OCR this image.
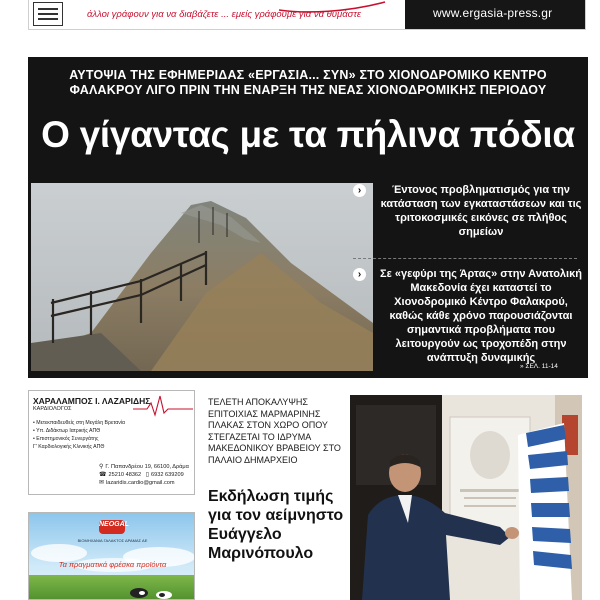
άλλοι γράφουν για να διαβάζετε ... εμείς γράφουμε για να θυμάστε	www.ergasia-press.gr
ΑΥΤΟΨΙΑ ΤΗΣ ΕΦΗΜΕΡΙΔΑΣ «ΕΡΓΑΣΙΑ... ΣΥΝ» ΣΤΟ ΧΙΟΝΟΔΡΟΜΙΚΟ ΚΕΝΤΡΟ
ΦΑΛΑΚΡΟΥ ΛΙΓΟ ΠΡΙΝ ΤΗΝ ΕΝΑΡΞΗ ΤΗΣ ΝΕΑΣ ΧΙΟΝΟΔΡΟΜΙΚΗΣ ΠΕΡΙΟΔΟΥ
Ο γίγαντας με τα πήλινα πόδια
›	Έντονος προβληματισμός για την κατάσταση των εγκαταστάσεων και τις τριτοκοσμικές εικόνες σε πλήθος σημείων
›	Σε «γεφύρι της Άρτας» στην Ανατολική Μακεδονία έχει καταστεί το Χιονοδρομικό Κέντρο Φαλακρού, καθώς κάθε χρόνο παρουσιάζονται σημαντικά προβλήματα που λειτουργούν ως τροχοπέδη στην ανάπτυξη δυναμικής
» ΣΕΛ. 11-14
ΧΑΡΑΛΑΜΠΟΣ Ι. ΛΑΖΑΡΙΔΗΣ
ΚΑΡΔΙΟΛΟΓΟΣ
• Μετεκπαιδευθείς στη Μεγάλη Βρετανία
• Υπ. Διδάκτωρ Ιατρικής ΑΠΘ
• Επιστημονικός Συνεργάτης
Γ' Καρδιολογικής Κλινικής ΑΠΘ
⚲ Γ. Παπανδρέου 19, 66100, Δράμα
☎ 25210 48362 ▯ 6932 639209
✉ lazaridis.cardio@gmail.com
NEOGAL
ΒΙΟΜΗΧΑΝΙΑ ΓΑΛΑΚΤΟΣ ΔΡΑΜΑΣ ΑΕ
Τα πραγματικά φρέσκα προϊόντα
ΤΕΛΕΤΗ ΑΠΟΚΑΛΥΨΗΣ ΕΠΙΤΟΙΧΙΑΣ ΜΑΡΜΑΡΙΝΗΣ ΠΛΑΚΑΣ ΣΤΟΝ ΧΩΡΟ ΟΠΟΥ ΣΤΕΓΑΖΕΤΑΙ ΤΟ ΙΔΡΥΜΑ ΜΑΚΕΔΟΝΙΚΟΥ ΒΡΑΒΕΙΟΥ ΣΤΟ ΠΑΛΑΙΟ ΔΗΜΑΡΧΕΙΟ
Εκδήλωση τιμής για τον αείμνηστο Ευάγγελο Μαρινόπουλο
